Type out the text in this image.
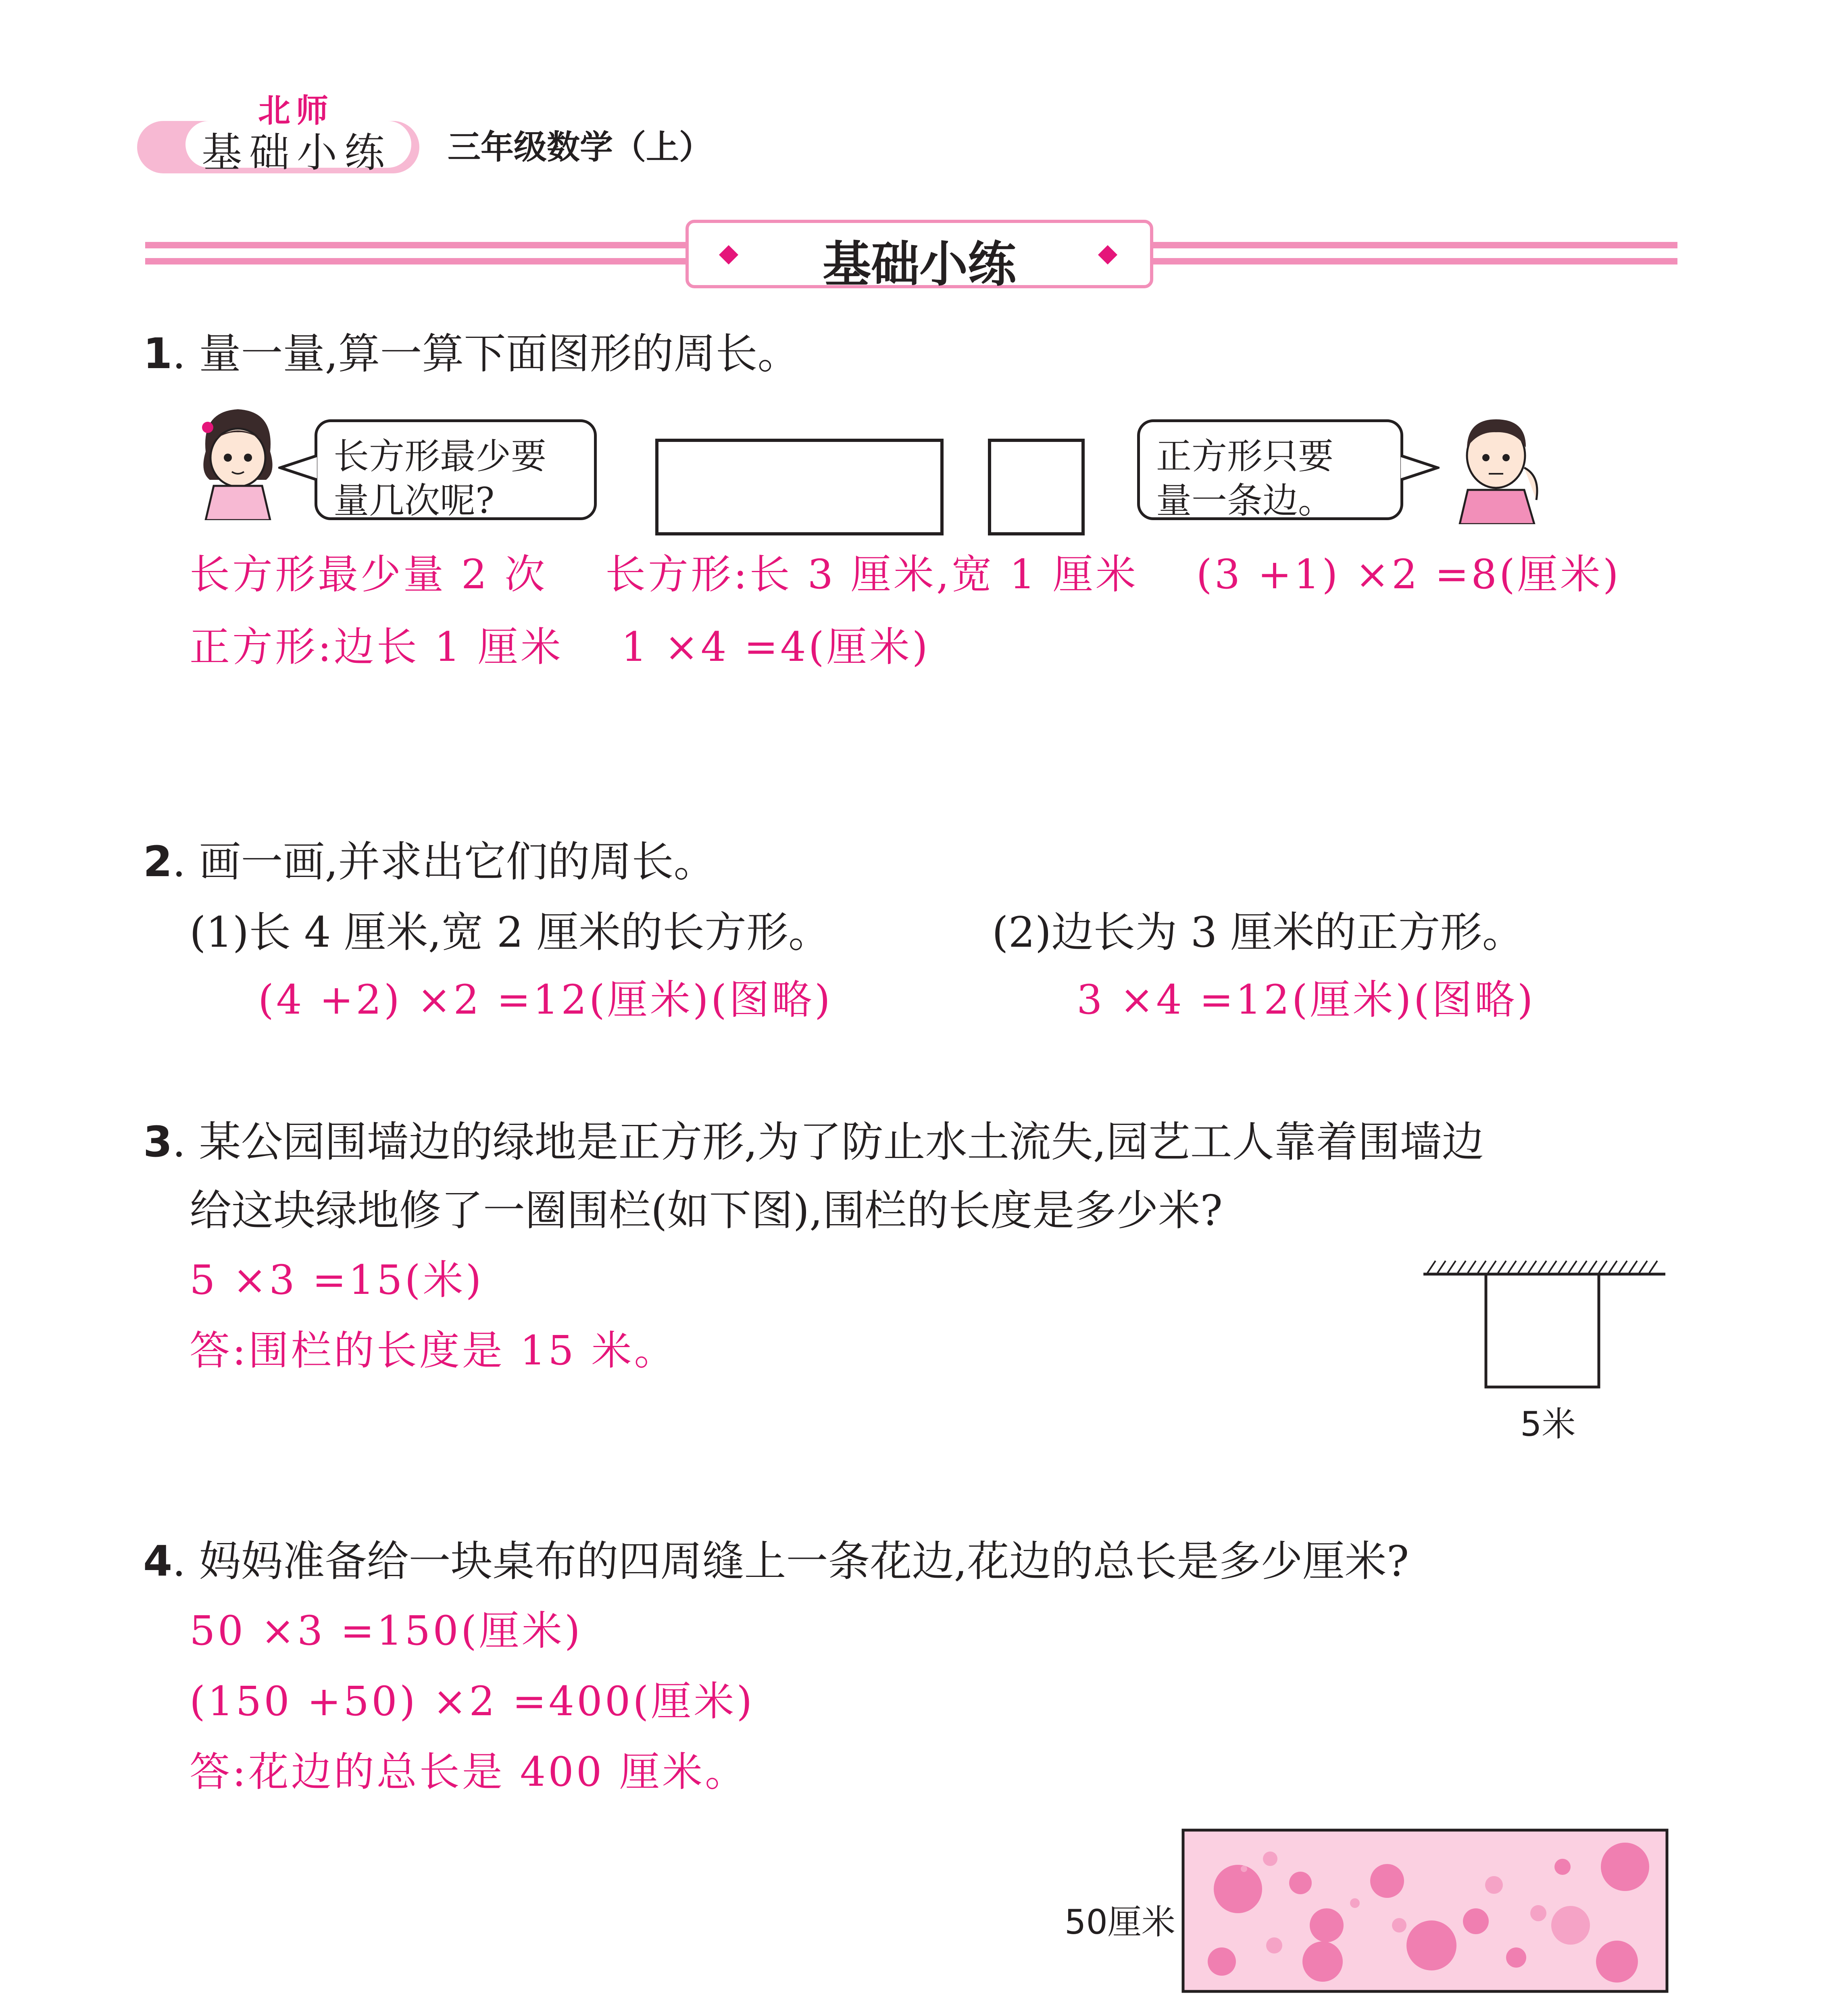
北师
基础小练 三年级数学（上）
基础小练
1. 量一量,算一算下面图形的周长。
长方形最少要
量几次呢?
正方形只要
量一条边。
长方形最少量 2 次　 长方形:长 3 厘米,宽 1 厘米　 (3 +1) ×2 =8(厘米)
正方形:边长 1 厘米　 1 ×4 =4(厘米)
2. 画一画,并求出它们的周长。
(1)长 4 厘米,宽 2 厘米的长方形。	(2)边长为 3 厘米的正方形。
(4 +2) ×2 =12(厘米)(图略)	3 ×4 =12(厘米)(图略)
3. 某公园围墙边的绿地是正方形,为了防止水土流失,园艺工人靠着围墙边
给这块绿地修了一圈围栏(如下图),围栏的长度是多少米?
5 ×3 =15(米)
答:围栏的长度是 15 米。
5米
4. 妈妈准备给一块桌布的四周缝上一条花边,花边的总长是多少厘米?
50 ×3 =150(厘米)
(150 +50) ×2 =400(厘米)
答:花边的总长是 400 厘米。
50厘米
